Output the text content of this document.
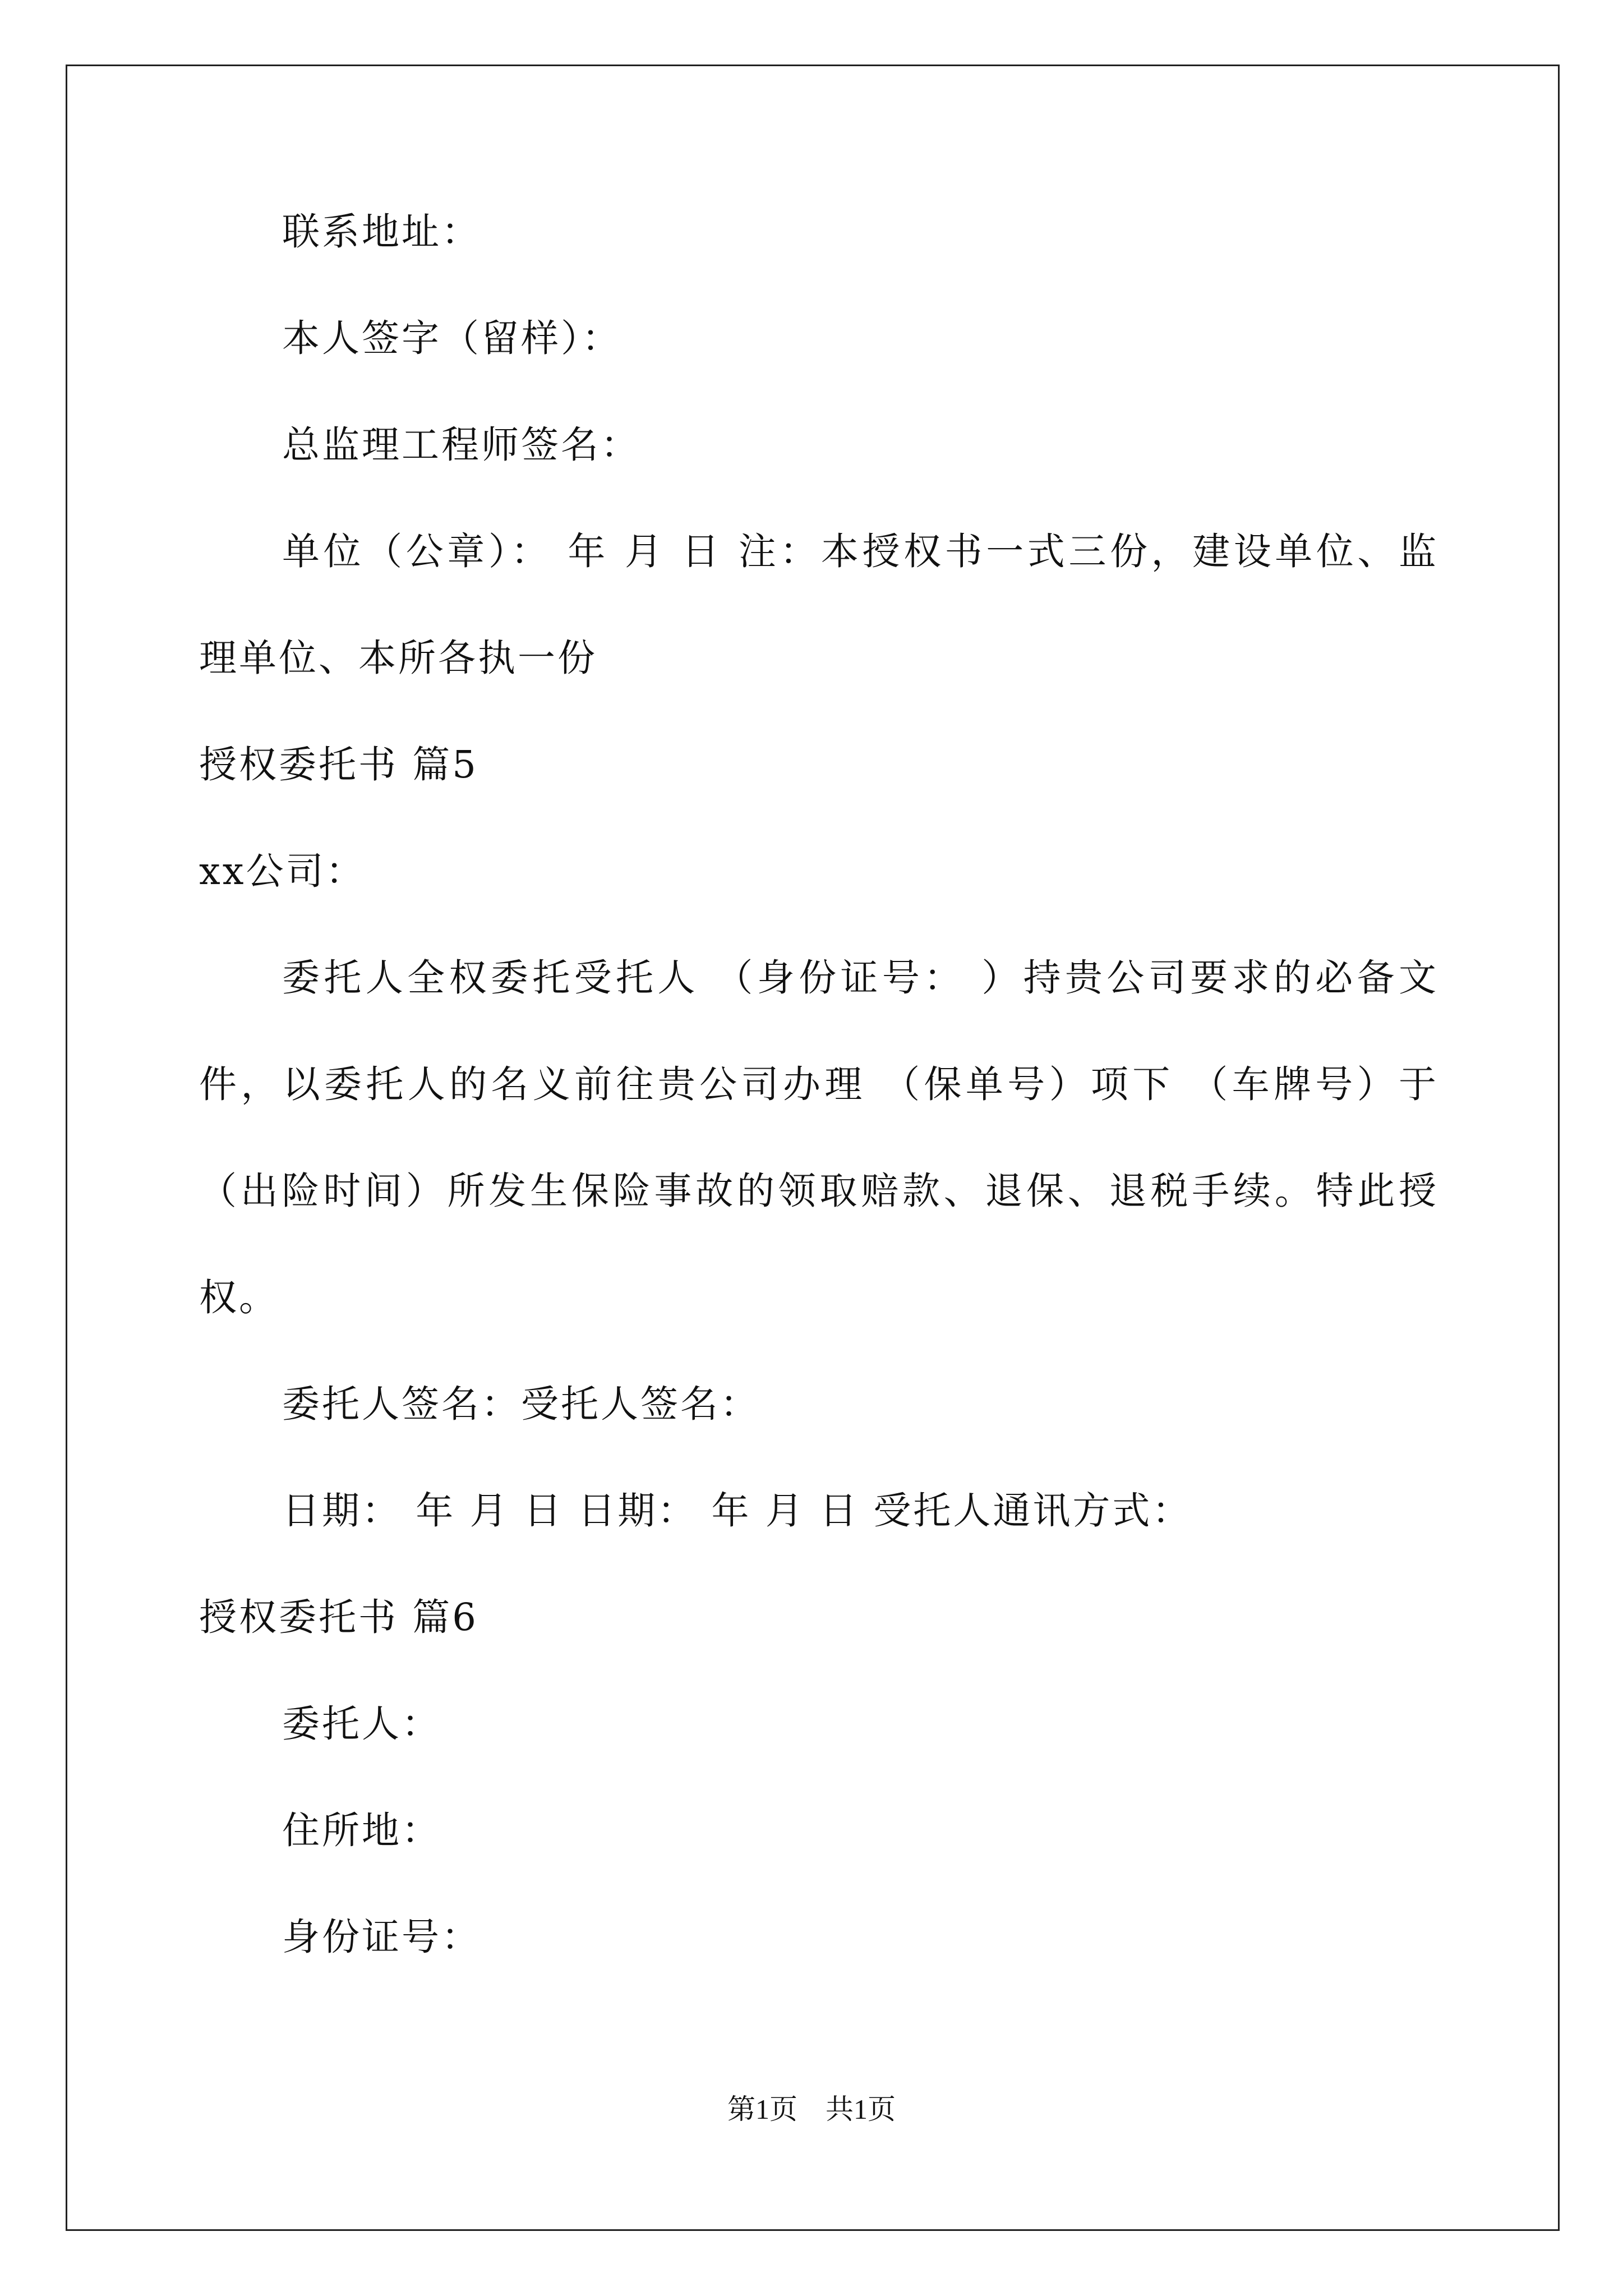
联系地址：
本人签字（留样）：
总监理工程师签名：
单位（公章）： 年 月 日 注：本授权书一式三份，建设单位、监
理单位、本所各执一份
授权委托书 篇5
xx公司：
委托人全权委托受托人 （身份证号： ）持贵公司要求的必备文
件，以委托人的名义前往贵公司办理 （保单号）项下 （车牌号）于
（出险时间）所发生保险事故的领取赔款、退保、退税手续。特此授
权。
委托人签名：受托人签名：
日期： 年 月 日 日期： 年 月 日 受托人通讯方式：
授权委托书 篇6
委托人：
住所地：
身份证号：
第1页　共1页
